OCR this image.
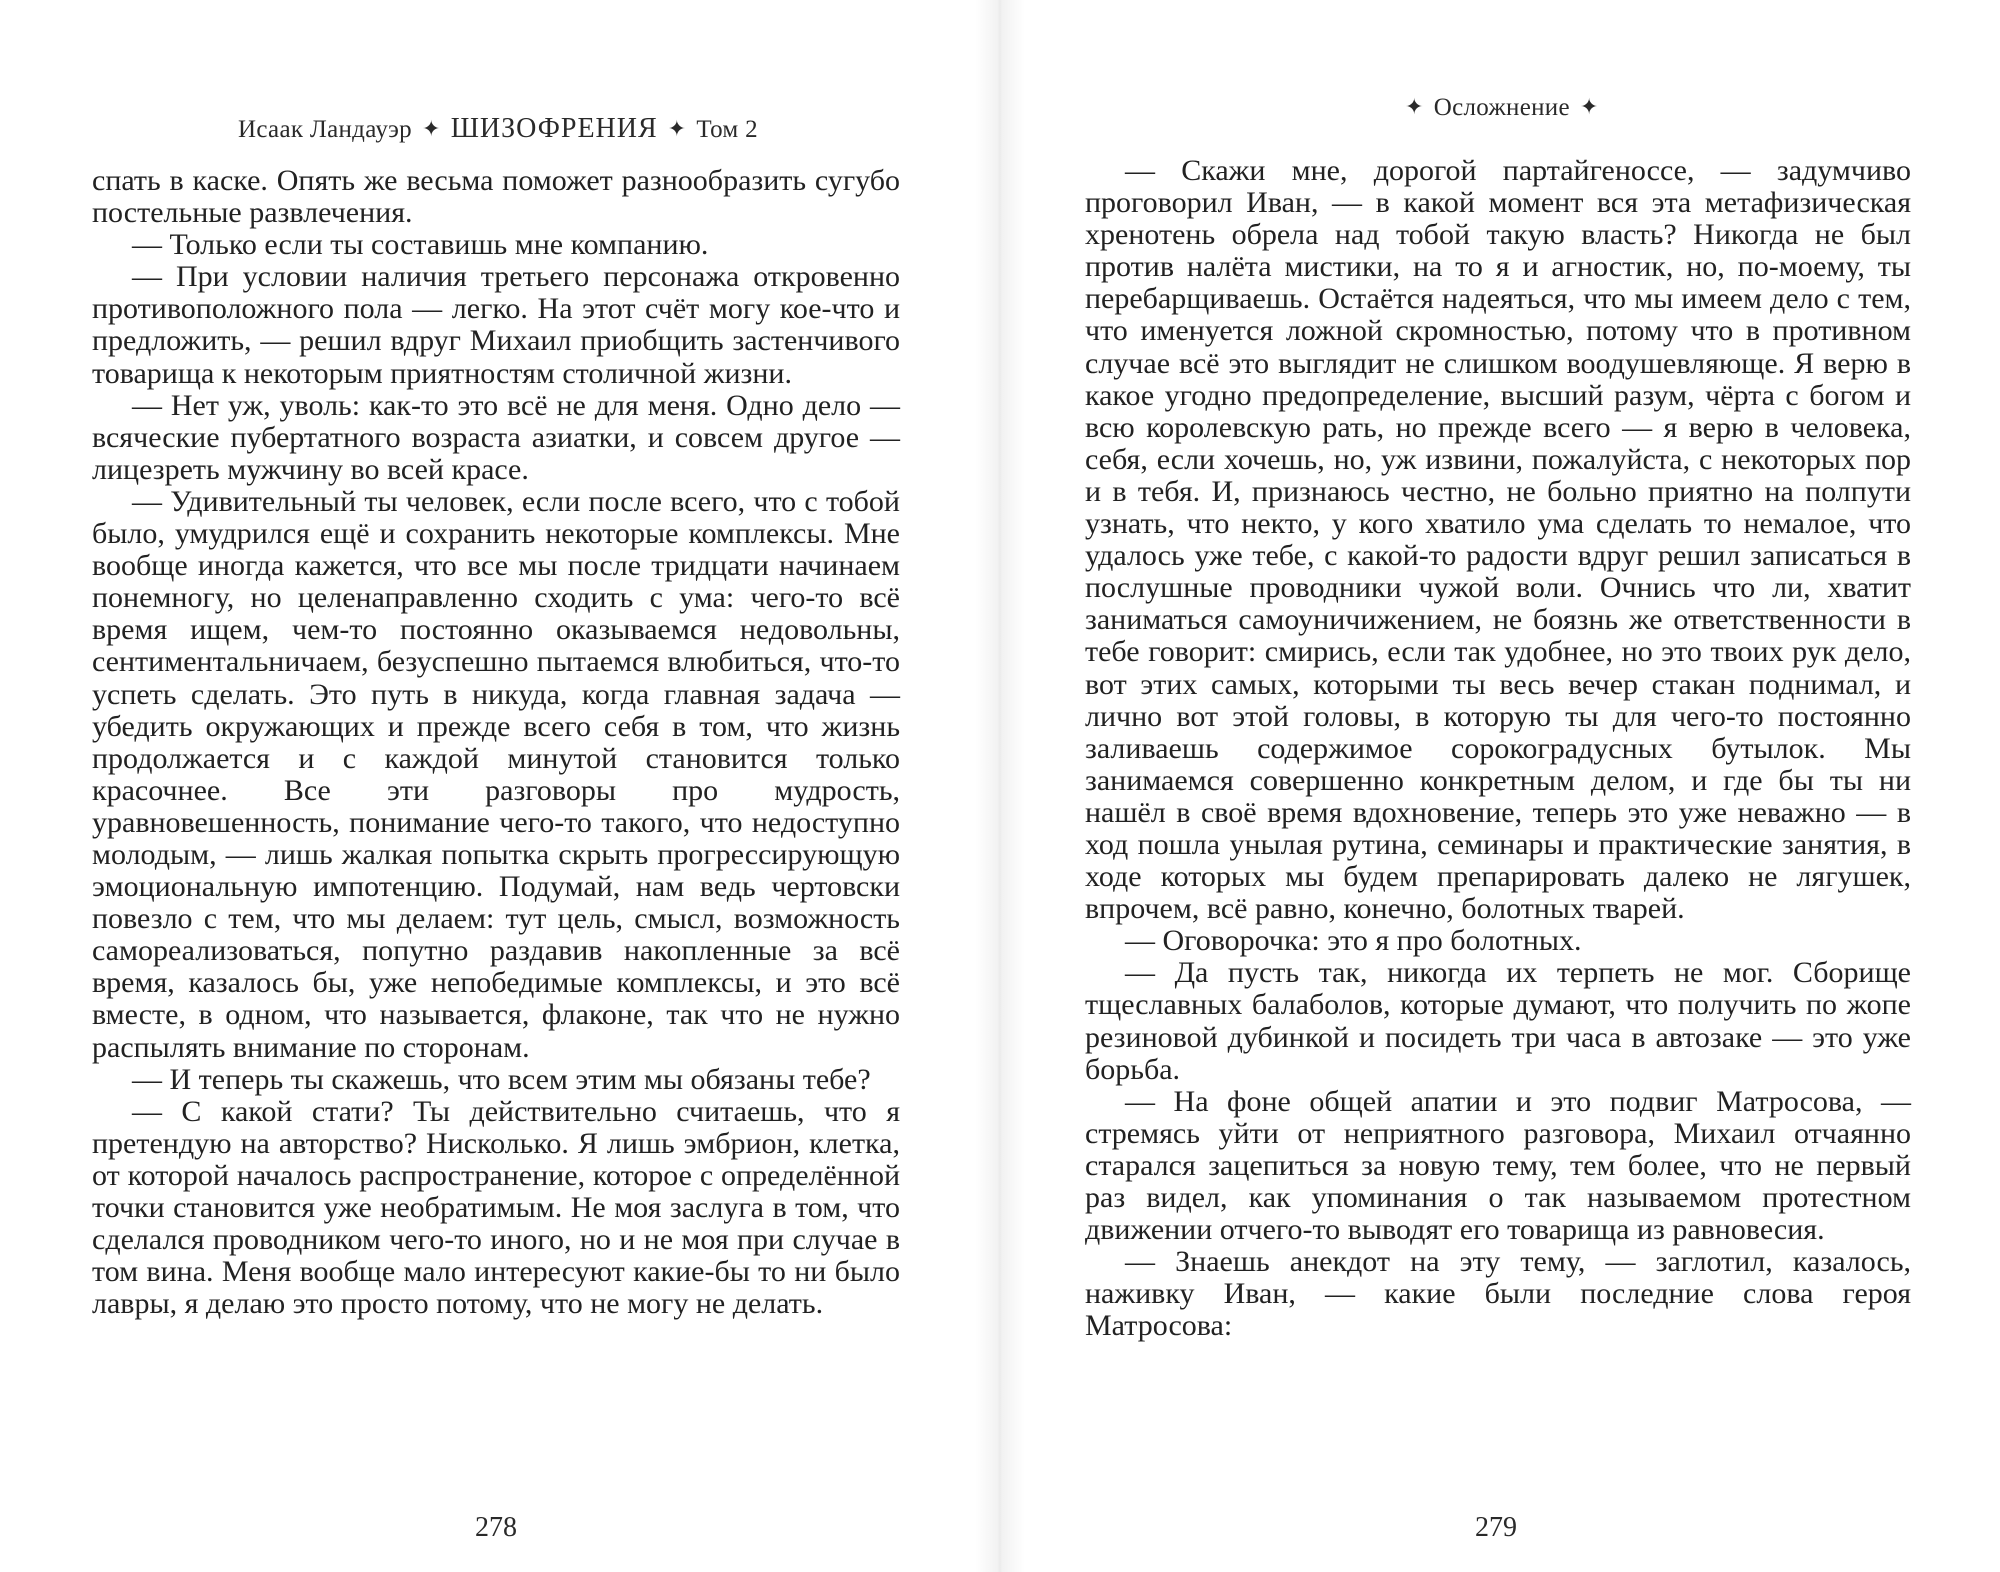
Исаак Ландауэр ✦ ШИЗОФРЕНИЯ ✦ Том 2

спать в каске. Опять же весьма поможет разнообразить сугубо постельные развлечения.

— Только если ты составишь мне компанию.

— При условии наличия третьего персонажа откровенно противоположного пола — легко. На этот счёт могу кое-что и предложить, — решил вдруг Михаил приобщить застенчивого товарища к некоторым приятностям столичной жизни.

— Нет уж, уволь: как-то это всё не для меня. Одно дело — всяческие пубертатного возраста азиатки, и совсем другое — лицезреть мужчину во всей красе.

— Удивительный ты человек, если после всего, что с тобой было, умудрился ещё и сохранить некоторые комплексы. Мне вообще иногда кажется, что все мы после тридцати начинаем понемногу, но целенаправленно сходить с ума: чего-то всё время ищем, чем-то постоянно оказываемся недовольны, сентиментальничаем, безуспешно пытаемся влюбиться, что-то успеть сделать. Это путь в никуда, когда главная задача — убедить окружающих и прежде всего себя в том, что жизнь продолжается и с каждой минутой становится только красочнее. Все эти разговоры про мудрость, уравновешенность, понимание чего-то такого, что недоступно молодым, — лишь жалкая попытка скрыть прогрессирующую эмоциональную импотенцию. Подумай, нам ведь чертовски повезло с тем, что мы делаем: тут цель, смысл, возможность самореализоваться, попутно раздавив накопленные за всё время, казалось бы, уже непобедимые комплексы, и это всё вместе, в одном, что называется, флаконе, так что не нужно распылять внимание по сторонам.

— И теперь ты скажешь, что всем этим мы обязаны тебе?

— С какой стати? Ты действительно считаешь, что я претендую на авторство? Нисколько. Я лишь эмбрион, клетка, от которой началось распространение, которое с определённой точки становится уже необратимым. Не моя заслуга в том, что сделался проводником чего-то иного, но и не моя при случае в том вина. Меня вообще мало интересуют какие-бы то ни было лавры, я делаю это просто потому, что не могу не делать.

278
✦ Осложнение ✦

— Скажи мне, дорогой партайгеноссе, — задумчиво проговорил Иван, — в какой момент вся эта метафизическая хренотень обрела над тобой такую власть? Никогда не был против налёта мистики, на то я и агностик, но, по-моему, ты перебарщиваешь. Остаётся надеяться, что мы имеем дело с тем, что именуется ложной скромностью, потому что в противном случае всё это выглядит не слишком воодушевляюще. Я верю в какое угодно предопределение, высший разум, чёрта с богом и всю королевскую рать, но прежде всего — я верю в человека, себя, если хочешь, но, уж извини, пожалуйста, с некоторых пор и в тебя. И, признаюсь честно, не больно приятно на полпути узнать, что некто, у кого хватило ума сделать то немалое, что удалось уже тебе, с какой-то радости вдруг решил записаться в послушные проводники чужой воли. Очнись что ли, хватит заниматься самоуничижением, не боязнь же ответственности в тебе говорит: смирись, если так удобнее, но это твоих рук дело, вот этих самых, которыми ты весь вечер стакан поднимал, и лично вот этой головы, в которую ты для чего-то постоянно заливаешь содержимое сорокоградусных бутылок. Мы занимаемся совершенно конкретным делом, и где бы ты ни нашёл в своё время вдохновение, теперь это уже неважно — в ход пошла унылая рутина, семинары и практические занятия, в ходе которых мы будем препарировать далеко не лягушек, впрочем, всё равно, конечно, болотных тварей.

— Оговорочка: это я про болотных.

— Да пусть так, никогда их терпеть не мог. Сборище тщеславных балаболов, которые думают, что получить по жопе резиновой дубинкой и посидеть три часа в автозаке — это уже борьба.

— На фоне общей апатии и это подвиг Матросова, — стремясь уйти от неприятного разговора, Михаил отчаянно старался зацепиться за новую тему, тем более, что не первый раз видел, как упоминания о так называемом протестном движении отчего-то выводят его товарища из равновесия.

— Знаешь анекдот на эту тему, — заглотил, казалось, наживку Иван, — какие были последние слова героя Матросова:

279
